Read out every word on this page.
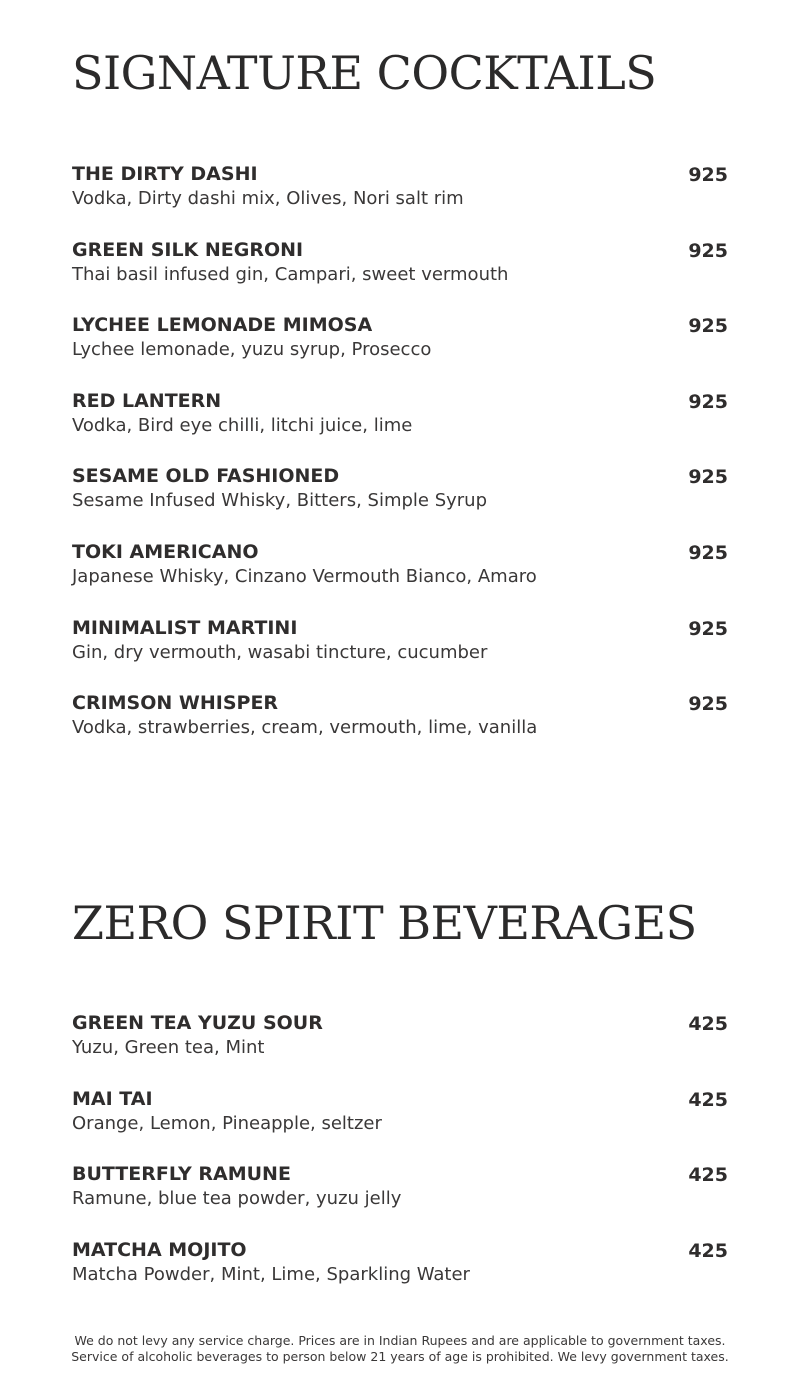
SIGNATURE COCKTAILS
THE DIRTY DASHI
Vodka, Dirty dashi mix, Olives, Nori salt rim
925
GREEN SILK NEGRONI
Thai basil infused gin, Campari, sweet vermouth
925
LYCHEE LEMONADE MIMOSA
Lychee lemonade, yuzu syrup, Prosecco
925
RED LANTERN
Vodka, Bird eye chilli, litchi juice, lime
925
SESAME OLD FASHIONED
Sesame Infused Whisky, Bitters, Simple Syrup
925
TOKI AMERICANO
Japanese Whisky, Cinzano Vermouth Bianco, Amaro
925
MINIMALIST MARTINI
Gin, dry vermouth, wasabi tincture, cucumber
925
CRIMSON WHISPER
Vodka, strawberries, cream, vermouth, lime, vanilla
925
ZERO SPIRIT BEVERAGES
GREEN TEA YUZU SOUR
Yuzu, Green tea, Mint
425
MAI TAI
Orange, Lemon, Pineapple, seltzer
425
BUTTERFLY RAMUNE
Ramune, blue tea powder, yuzu jelly
425
MATCHA MOJITO
Matcha Powder, Mint, Lime, Sparkling Water
425
We do not levy any service charge. Prices are in Indian Rupees and are applicable to government taxes.
Service of alcoholic beverages to person below 21 years of age is prohibited. We levy government taxes.
